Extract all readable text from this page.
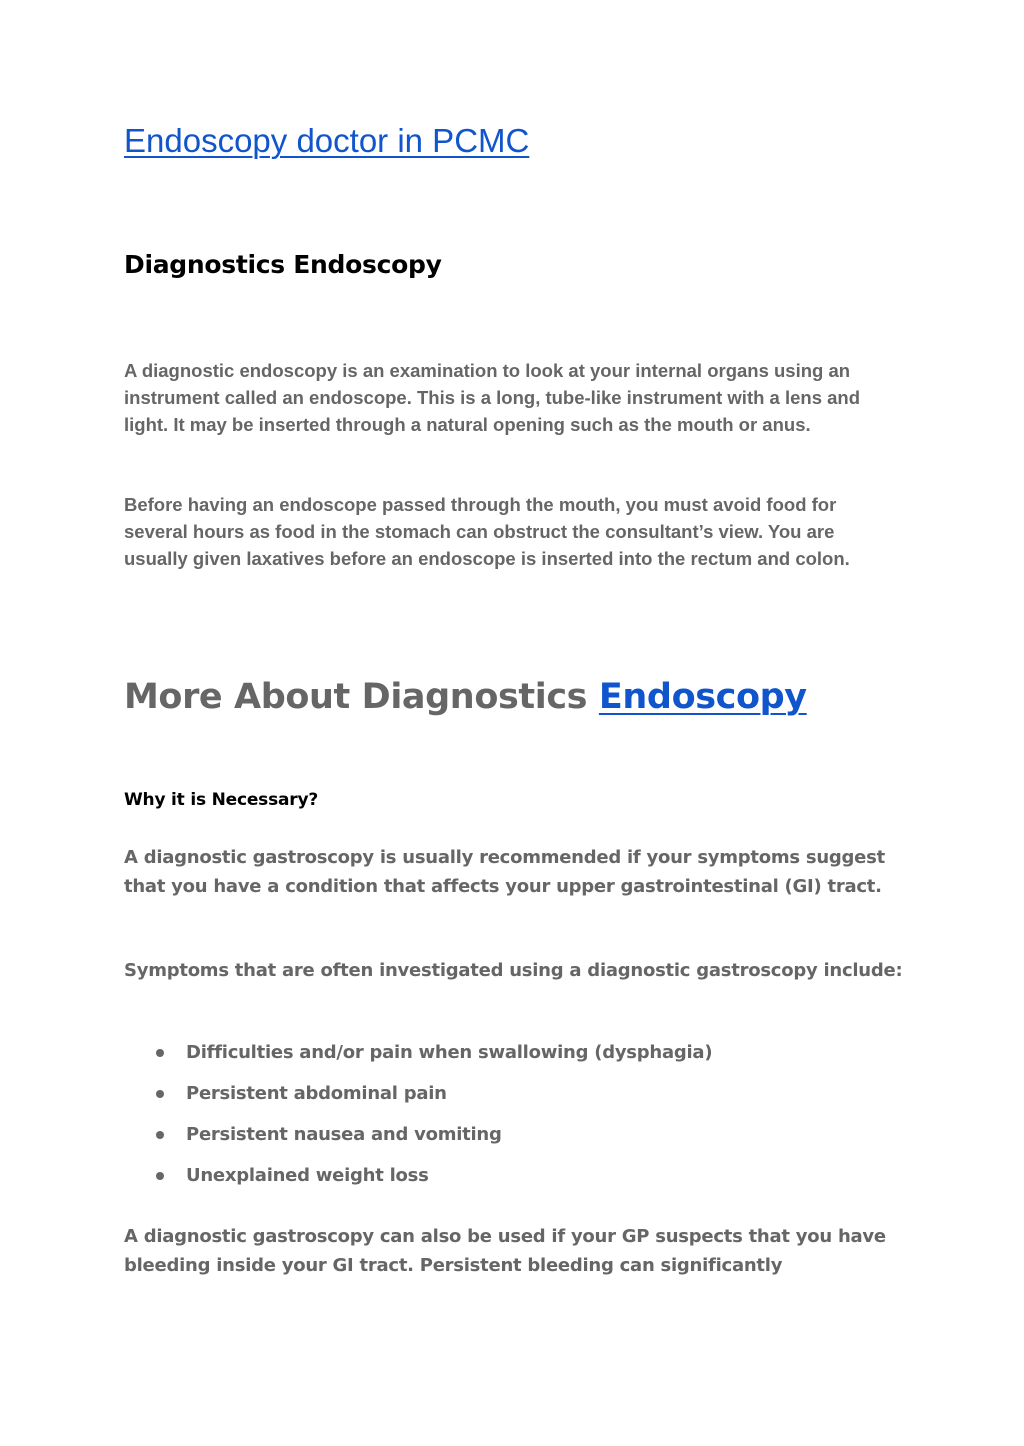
Endoscopy doctor in PCMC
Diagnostics Endoscopy

A diagnostic endoscopy is an examination to look at your internal organs using an instrument called an endoscope. This is a long, tube-like instrument with a lens and light. It may be inserted through a natural opening such as the mouth or anus.

Before having an endoscope passed through the mouth, you must avoid food for several hours as food in the stomach can obstruct the consultant’s view. You are usually given laxatives before an endoscope is inserted into the rectum and colon.

More About Diagnostics Endoscopy
Why it is Necessary?

A diagnostic gastroscopy is usually recommended if your symptoms suggest that you have a condition that affects your upper gastrointestinal (GI) tract.

Symptoms that are often investigated using a diagnostic gastroscopy include:

Difficulties and/or pain when swallowing (dysphagia)
Persistent abdominal pain
Persistent nausea and vomiting
Unexplained weight loss

A diagnostic gastroscopy can also be used if your GP suspects that you have bleeding inside your GI tract. Persistent bleeding can significantly
